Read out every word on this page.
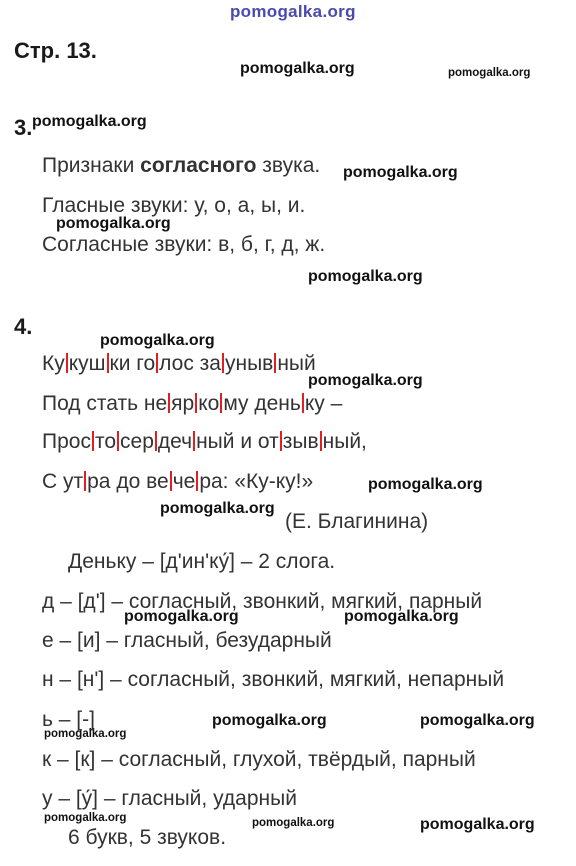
pomogalka.org
pomogalka.org	pomogalka.org
pomogalka.org
pomogalka.org
pomogalka.org
pomogalka.org
pomogalka.org
pomogalka.org
pomogalka.org
pomogalka.org
pomogalka.org	pomogalka.org
pomogalka.org	pomogalka.org
pomogalka.org
pomogalka.org	pomogalka.org	pomogalka.org
Стр. 13.
3.
Признаки согласного звука.
Гласные звуки: у, о, а, ы, и.
Согласные звуки: в, б, г, д, ж.
4.
Ку куш ки го лос за уныв ный
Под стать не яр ко му день ку –
Прос то сер деч ный и от зыв ный,
С ут ра до ве че ра: «Ку-ку!»
(Е. Благинина)
Деньку – [д'ин'ку́] – 2 слога.
д – [д'] – согласный, звонкий, мягкий, парный
е – [и] – гласный, безударный
н – [н'] – согласный, звонкий, мягкий, непарный
ь – [-]
к – [к] – согласный, глухой, твёрдый, парный
у – [у́] – гласный, ударный
6 букв, 5 звуков.
